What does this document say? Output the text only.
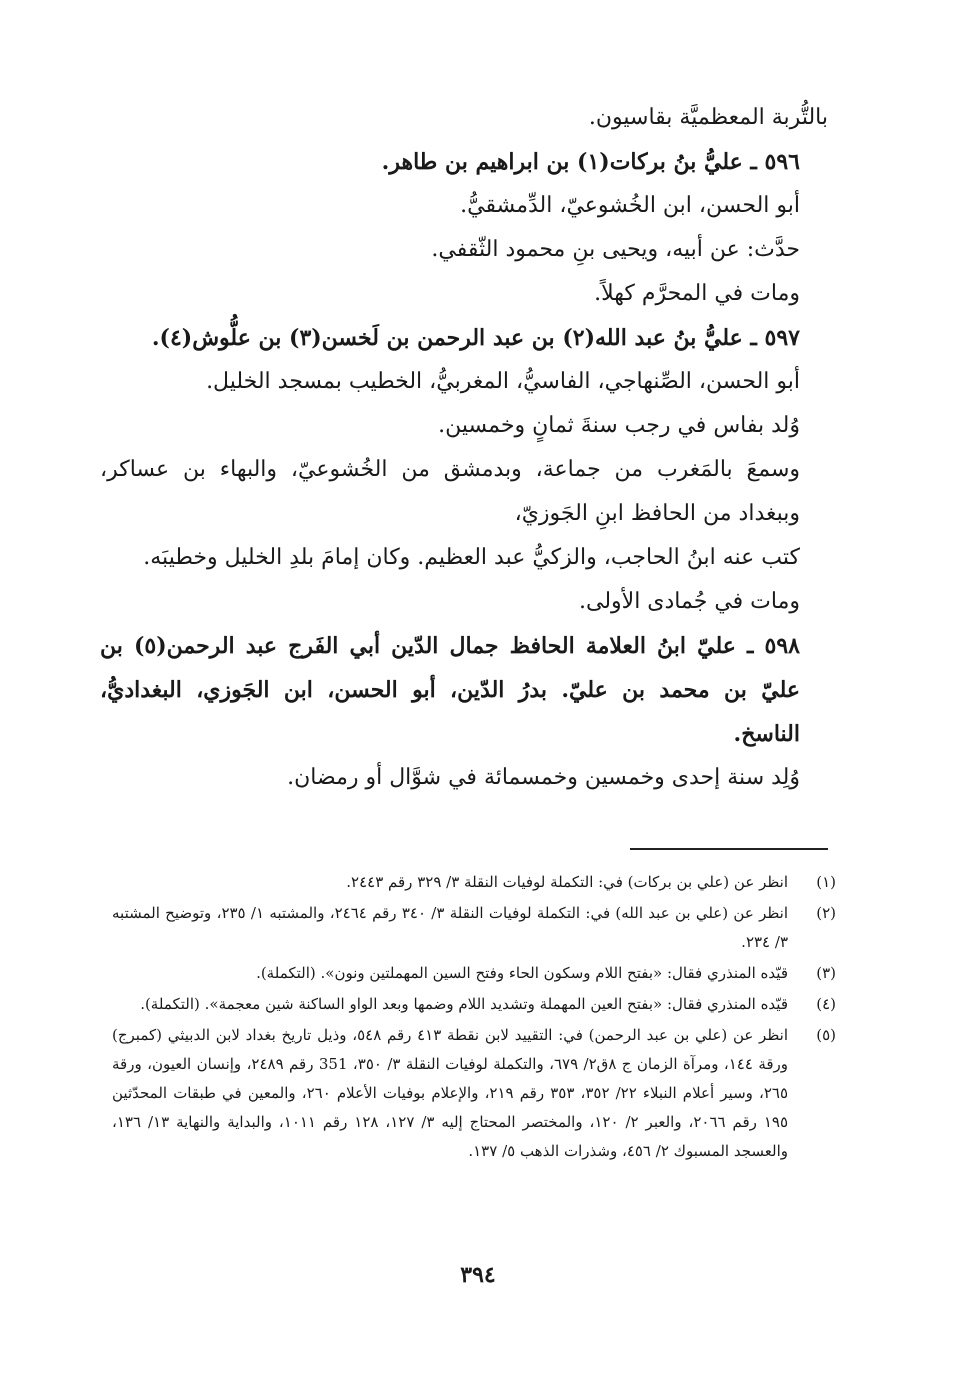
بالتُّربة المعظميَّة بقاسيون.
٥٩٦ ـ عليُّ بنُ بركات(١) بن ابراهيم بن طاهر.
أبو الحسن، ابن الخُشوعيّ، الدِّمشقيُّ.
حدَّث: عن أبيه، ويحيى بنِ محمود الثّقفي.
ومات في المحرَّم كهلاً.
٥٩٧ ـ عليُّ بنُ عبد الله(٢) بن عبد الرحمن بن لَخسن(٣) بن علُّوش(٤).
أبو الحسن، الصِّنهاجي، الفاسيُّ، المغربيُّ، الخطيب بمسجد الخليل.
وُلد بفاس في رجب سنةَ ثمانٍ وخمسين.
وسمعَ بالمَغرب من جماعة، وبدمشق من الخُشوعيّ، والبهاء بن عساكر، وببغداد من الحافظ ابنِ الجَوزيّ،
كتب عنه ابنُ الحاجب، والزكيُّ عبد العظيم. وكان إمامَ بلدِ الخليل وخطيبَه.
ومات في جُمادى الأولى.
٥٩٨ ـ عليّ ابنُ العلامة الحافظ جمال الدّين أبي الفَرج عبد الرحمن(٥) بن عليّ بن محمد بن عليّ. بدرُ الدّين، أبو الحسن، ابن الجَوزي، البغداديُّ، الناسخ.
وُلِد سنة إحدى وخمسين وخمسمائة في شوَّال أو رمضان.
(١)
انظر عن (علي بن بركات) في: التكملة لوفيات النقلة ٣/ ٣٢٩ رقم ٢٤٤٣.
(٢)
انظر عن (علي بن عبد الله) في: التكملة لوفيات النقلة ٣/ ٣٤٠ رقم ٢٤٦٤، والمشتبه ١/ ٢٣٥، وتوضيح المشتبه ٣/ ٢٣٤.
(٣)
قيّده المنذري فقال: «بفتح اللام وسكون الحاء وفتح السين المهملتين ونون». (التكملة).
(٤)
قيّده المنذري فقال: «بفتح العين المهملة وتشديد اللام وضمها وبعد الواو الساكنة شين معجمة». (التكملة).
(٥)
انظر عن (علي بن عبد الرحمن) في: التقييد لابن نقطة ٤١٣ رقم ٥٤٨، وذيل تاريخ بغداد لابن الدبيثي (كمبرج) ورقة ١٤٤، ومرآة الزمان ج ٨ق٢/ ٦٧٩، والتكملة لوفيات النقلة ٣/ ٣٥٠، 351 رقم ٢٤٨٩، وإنسان العيون، ورقة ٢٦٥، وسير أعلام النبلاء ٢٢/ ٣٥٢، ٣٥٣ رقم ٢١٩، والإعلام بوفيات الأعلام ٢٦٠، والمعين في طبقات المحدّثين ١٩٥ رقم ٢٠٦٦، والعبر ٢/ ١٢٠، والمختصر المحتاج إليه ٣/ ١٢٧، ١٢٨ رقم ١٠١١، والبداية والنهاية ١٣/ ١٣٦، والعسجد المسبوك ٢/ ٤٥٦، وشذرات الذهب ٥/ ١٣٧.
٣٩٤
